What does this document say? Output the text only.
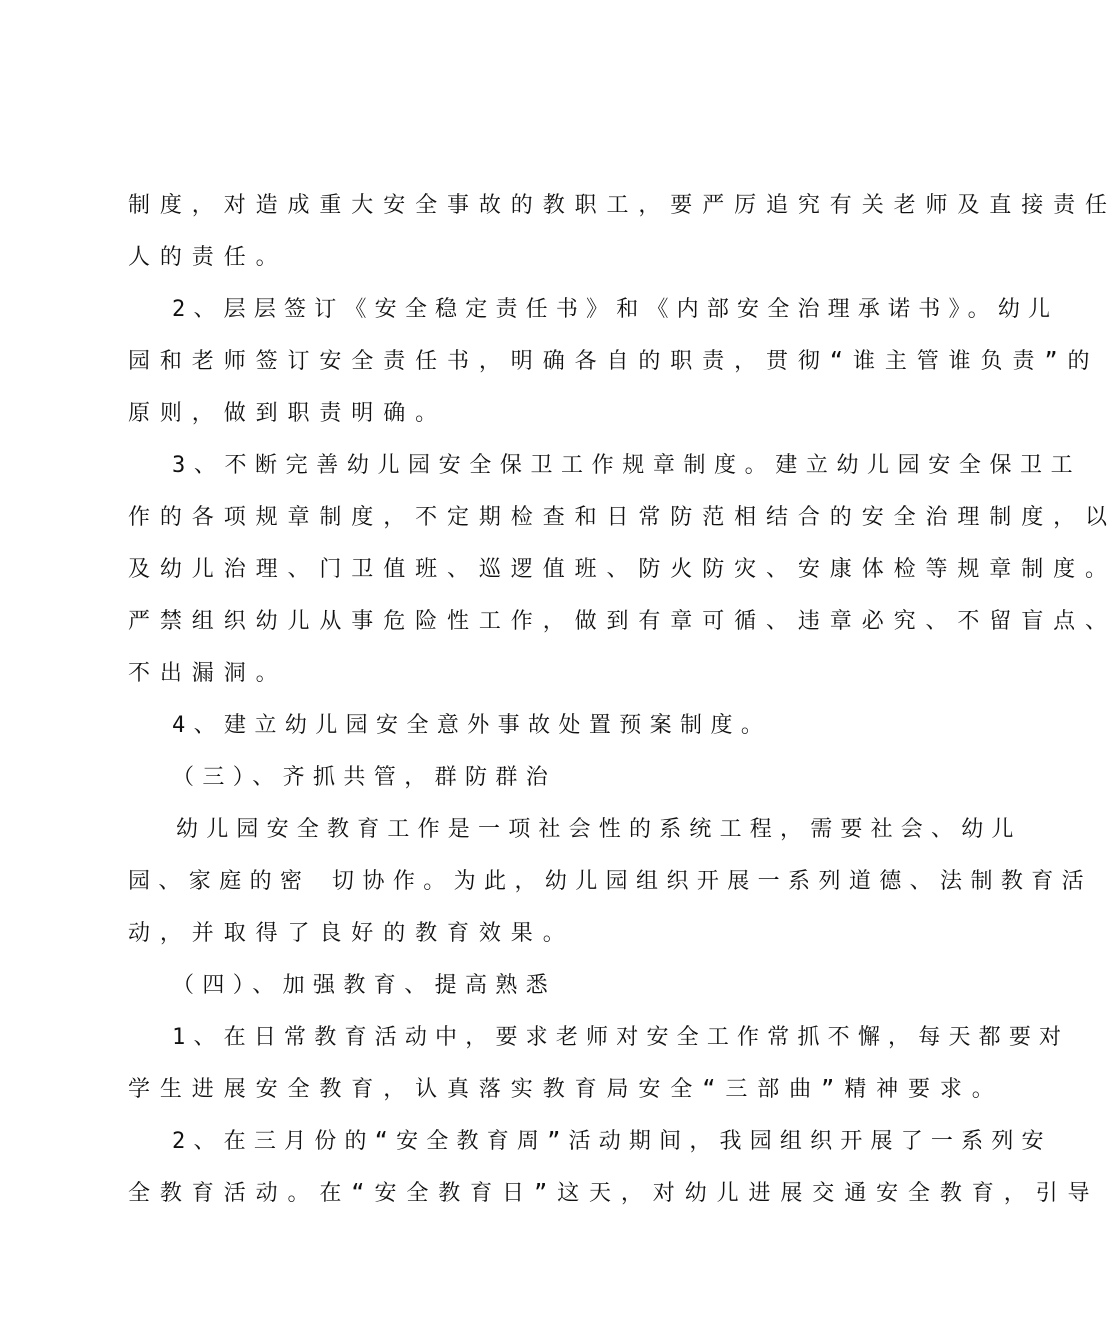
制度，对造成重大安全事故的教职工，要严厉追究有关老师及直接责任
人的责任。
2、层层签订《安全稳定责任书》和《内部安全治理承诺书》。幼儿
园和老师签订安全责任书，明确各自的职责，贯彻“谁主管谁负责”的
原则，做到职责明确。
3、不断完善幼儿园安全保卫工作规章制度。建立幼儿园安全保卫工
作的各项规章制度，不定期检查和日常防范相结合的安全治理制度，以
及幼儿治理、门卫值班、巡逻值班、防火防灾、安康体检等规章制度。
严禁组织幼儿从事危险性工作，做到有章可循、违章必究、不留盲点、
不出漏洞。
4、建立幼儿园安全意外事故处置预案制度。
（三）、齐抓共管，群防群治
幼儿园安全教育工作是一项社会性的系统工程，需要社会、幼儿
园、家庭的密 切协作。为此，幼儿园组织开展一系列道德、法制教育活
动，并取得了良好的教育效果。
（四）、加强教育、提高熟悉
1、在日常教育活动中，要求老师对安全工作常抓不懈，每天都要对
学生进展安全教育，认真落实教育局安全“三部曲”精神要求。
2、在三月份的“安全教育周”活动期间，我园组织开展了一系列安
全教育活动。在“安全教育日”这天，对幼儿进展交通安全教育，引导
